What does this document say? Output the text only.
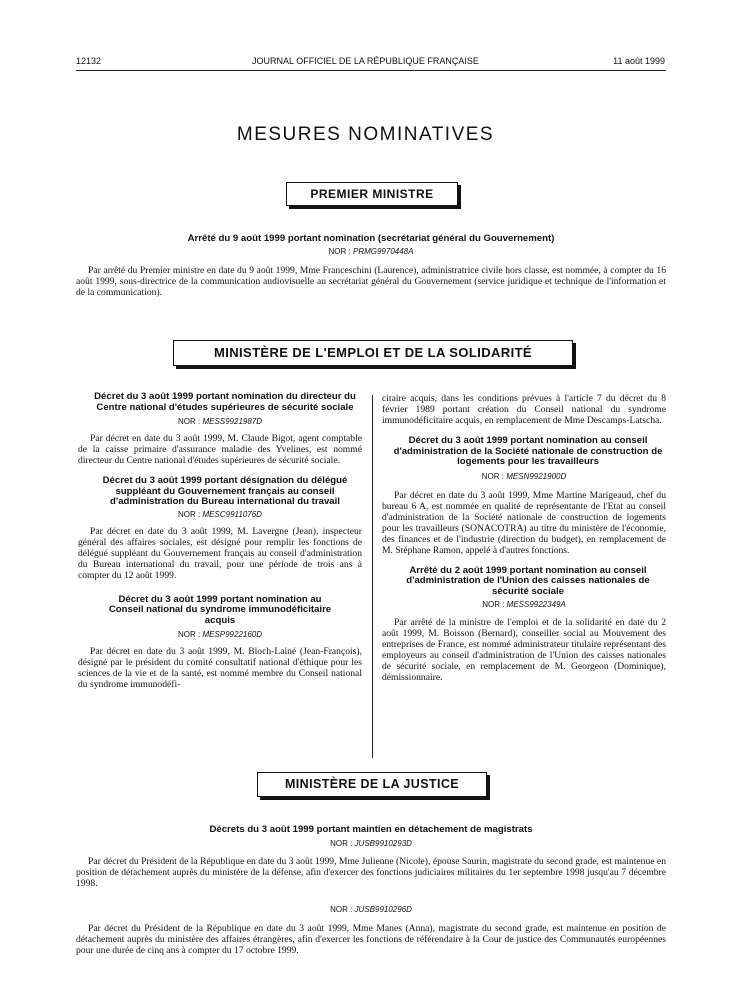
12132	JOURNAL OFFICIEL DE LA RÉPUBLIQUE FRANÇAISE	11 août 1999
MESURES NOMINATIVES
PREMIER MINISTRE
Arrêté du 9 août 1999 portant nomination (secrétariat général du Gouvernement)
NOR : PRMG9970448A
Par arrêté du Premier ministre en date du 9 août 1999, Mme Franceschini (Laurence), administratrice civile hors classe, est nommée, à compter du 16 août 1999, sous-directrice de la communication audiovisuelle au secrétariat général du Gouvernement (service juridique et technique de l'information et de la communication).
MINISTÈRE DE L'EMPLOI ET DE LA SOLIDARITÉ
Décret du 3 août 1999 portant nomination du directeur du Centre national d'études supérieures de sécurité sociale
NOR : MESS9921987D
Par décret en date du 3 août 1999, M. Claude Bigot, agent comptable de la caisse primaire d'assurance maladie des Yvelines, est nommé directeur du Centre national d'études supérieures de sécurité sociale.
Décret du 3 août 1999 portant désignation du délégué suppléant du Gouvernement français au conseil d'administration du Bureau international du travail
NOR : MESC9911076D
Par décret en date du 3 août 1999, M. Lavergne (Jean), inspecteur général des affaires sociales, est désigné pour remplir les fonctions de délégué suppléant du Gouvernement français au conseil d'administration du Bureau international du travail, pour une période de trois ans à compter du 12 août 1999.
Décret du 3 août 1999 portant nomination au Conseil national du syndrome immunodéficitaire acquis
NOR : MESP9922160D
Par décret en date du 3 août 1999, M. Bloch-Lainé (Jean-François), désigné par le président du comité consultatif national d'éthique pour les sciences de la vie et de la santé, est nommé membre du Conseil national du syndrome immunodéfi-
citaire acquis, dans les conditions prévues à l'article 7 du décret du 8 février 1989 portant création du Conseil national du syndrome immunodéficitaire acquis, en remplacement de Mme Descamps-Latscha.
Décret du 3 août 1999 portant nomination au conseil d'administration de la Société nationale de construction de logements pour les travailleurs
NOR : MESN9921900D
Par décret en date du 3 août 1999, Mme Martine Marigeaud, chef du bureau 6 A, est nommée en qualité de représentante de l'Etat au conseil d'administration de la Société nationale de construction de logements pour les travailleurs (SONACOTRA) au titre du ministère de l'économie, des finances et de l'industrie (direction du budget), en remplacement de M. Stéphane Ramon, appelé à d'autres fonctions.
Arrêté du 2 août 1999 portant nomination au conseil d'administration de l'Union des caisses nationales de sécurité sociale
NOR : MESS9922349A
Par arrêté de la ministre de l'emploi et de la solidarité en date du 2 août 1999, M. Boisson (Bernard), conseiller social au Mouvement des entreprises de France, est nommé administrateur titulaire représentant des employeurs au conseil d'administration de l'Union des caisses nationales de sécurité sociale, en remplacement de M. Georgeon (Dominique), démissionnaire.
MINISTÈRE DE LA JUSTICE
Décrets du 3 août 1999 portant maintien en détachement de magistrats
NOR : JUSB9910293D
Par décret du Président de la République en date du 3 août 1999, Mme Julienne (Nicole), épouse Saurin, magistrate du second grade, est maintenue en position de détachement auprès du ministère de la défense, afin d'exercer des fonctions judiciaires militaires du 1er septembre 1998 jusqu'au 7 décembre 1998.
NOR : JUSB9910296D
Par décret du Président de la République en date du 3 août 1999, Mme Manes (Anna), magistrate du second grade, est maintenue en position de détachement auprès du ministère des affaires étrangères, afin d'exercer les fonctions de référendaire à la Cour de justice des Communautés européennes pour une durée de cinq ans à compter du 17 octobre 1999.
